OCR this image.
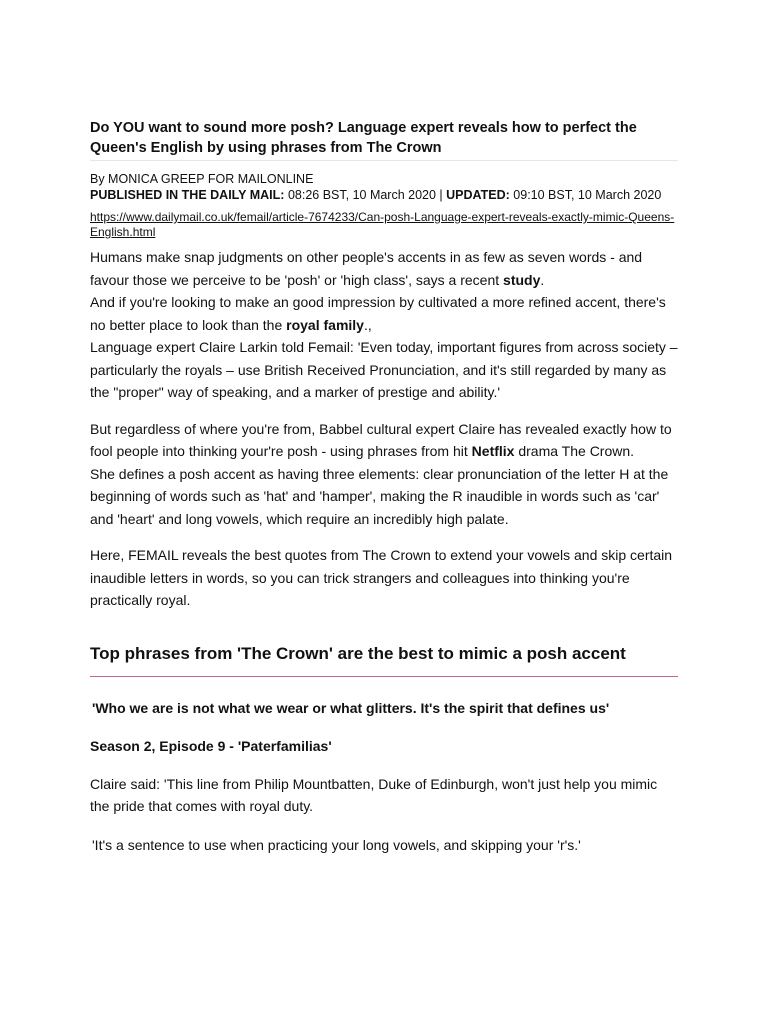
Do YOU want to sound more posh? Language expert reveals how to perfect the Queen's English by using phrases from The Crown
By MONICA GREEP FOR MAILONLINE
PUBLISHED IN THE DAILY MAIL: 08:26 BST, 10 March 2020 | UPDATED: 09:10 BST, 10 March 2020
https://www.dailymail.co.uk/femail/article-7674233/Can-posh-Language-expert-reveals-exactly-mimic-Queens-English.html

Humans make snap judgments on other people's accents in as few as seven words - and favour those we perceive to be 'posh' or 'high class', says a recent study.
And if you're looking to make an good impression by cultivated a more refined accent, there's no better place to look than the royal family.,
Language expert Claire Larkin told Femail: 'Even today, important figures from across society – particularly the royals – use British Received Pronunciation, and it's still regarded by many as the "proper" way of speaking, and a marker of prestige and ability.'

But regardless of where you're from, Babbel cultural expert Claire has revealed exactly how to fool people into thinking your're posh - using phrases from hit Netflix drama The Crown.
She defines a posh accent as having three elements: clear pronunciation of the letter H at the beginning of words such as 'hat' and 'hamper', making the R inaudible in words such as 'car' and 'heart' and long vowels, which require an incredibly high palate.

Here, FEMAIL reveals the best quotes from The Crown to extend your vowels and skip certain inaudible letters in words, so you can trick strangers and colleagues into thinking you're practically royal.

Top phrases from 'The Crown' are the best to mimic a posh accent
'Who we are is not what we wear or what glitters. It's the spirit that defines us'
Season 2, Episode 9 - 'Paterfamilias'

Claire said: 'This line from Philip Mountbatten, Duke of Edinburgh, won't just help you mimic the pride that comes with royal duty.

'It's a sentence to use when practicing your long vowels, and skipping your 'r's.'
